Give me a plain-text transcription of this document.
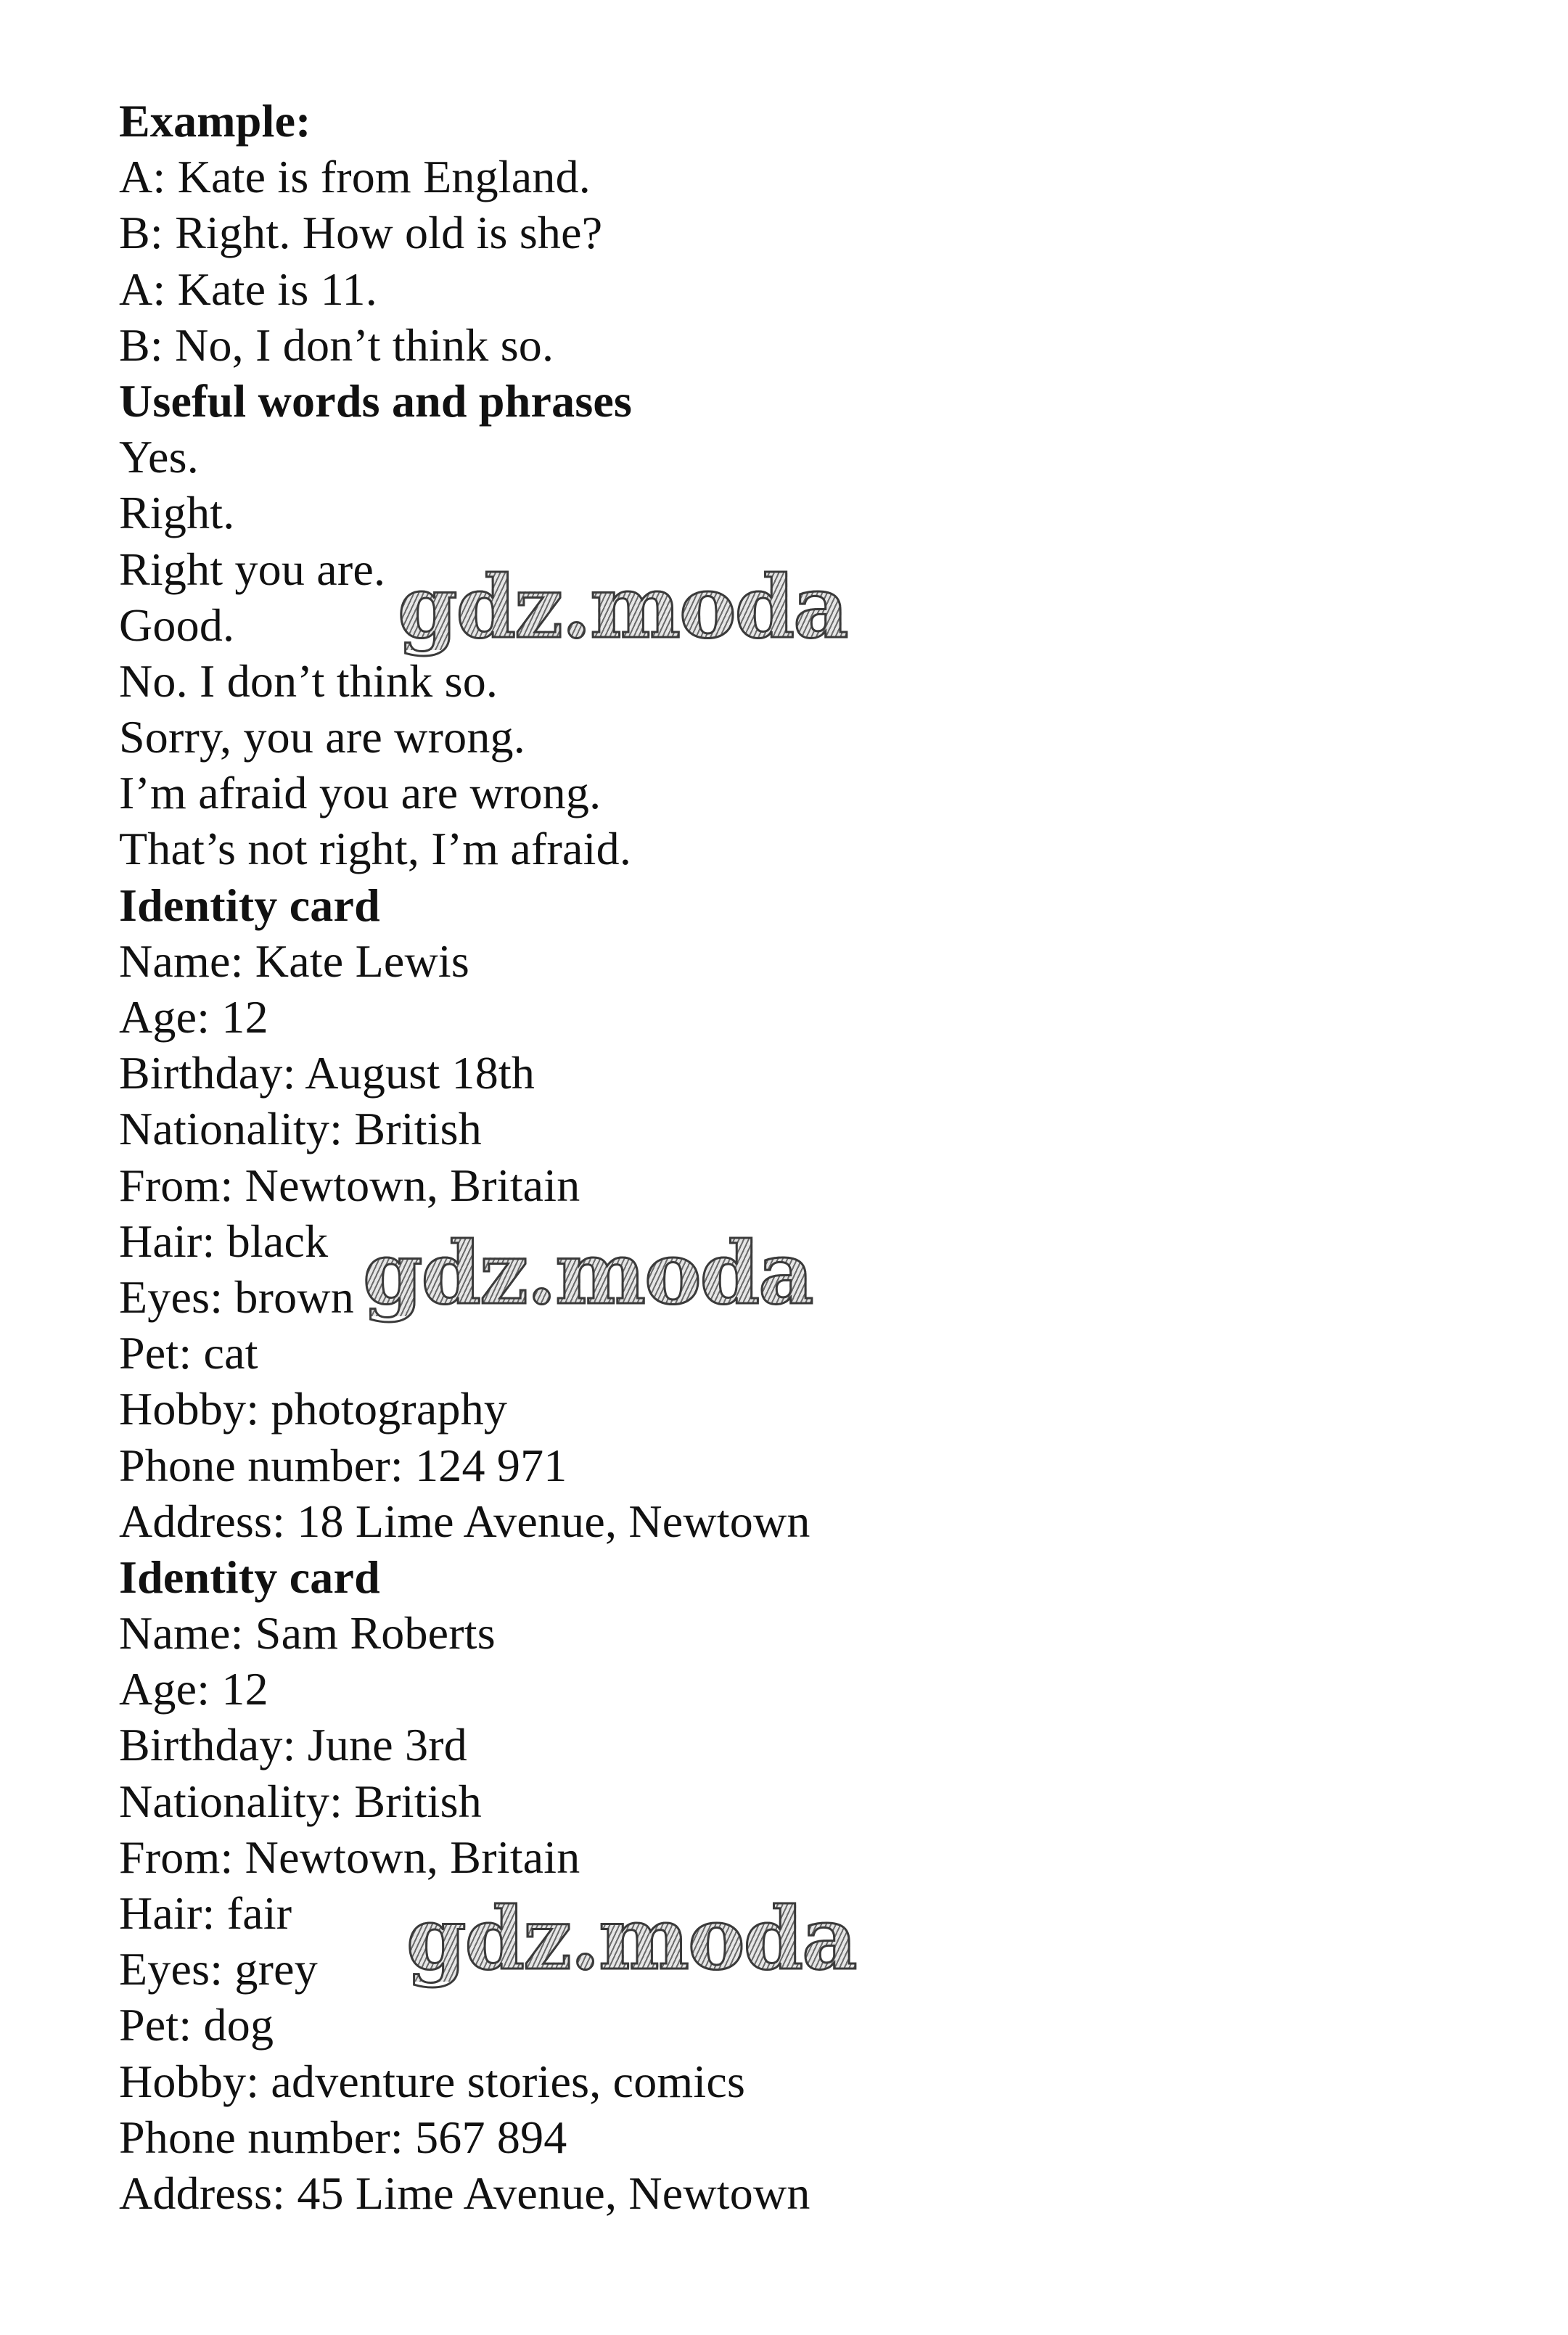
Example:
A: Kate is from England.
B: Right. How old is she?
A: Kate is 11.
B: No, I don’t think so.
Useful words and phrases
Yes.
Right.
Right you are.
Good.
No. I don’t think so.
Sorry, you are wrong.
I’m afraid you are wrong.
That’s not right, I’m afraid.
Identity card
Name: Kate Lewis
Age: 12
Birthday: August 18th
Nationality: British
From: Newtown, Britain
Hair: black
Eyes: brown
Pet: cat
Hobby: photography
Phone number: 124 971
Address: 18 Lime Avenue, Newtown
Identity card
Name: Sam Roberts
Age: 12
Birthday: June 3rd
Nationality: British
From: Newtown, Britain
Hair: fair
Eyes: grey
Pet: dog
Hobby: adventure stories, comics
Phone number: 567 894
Address: 45 Lime Avenue, Newtown
gdz.moda
gdz.moda
gdz.moda
